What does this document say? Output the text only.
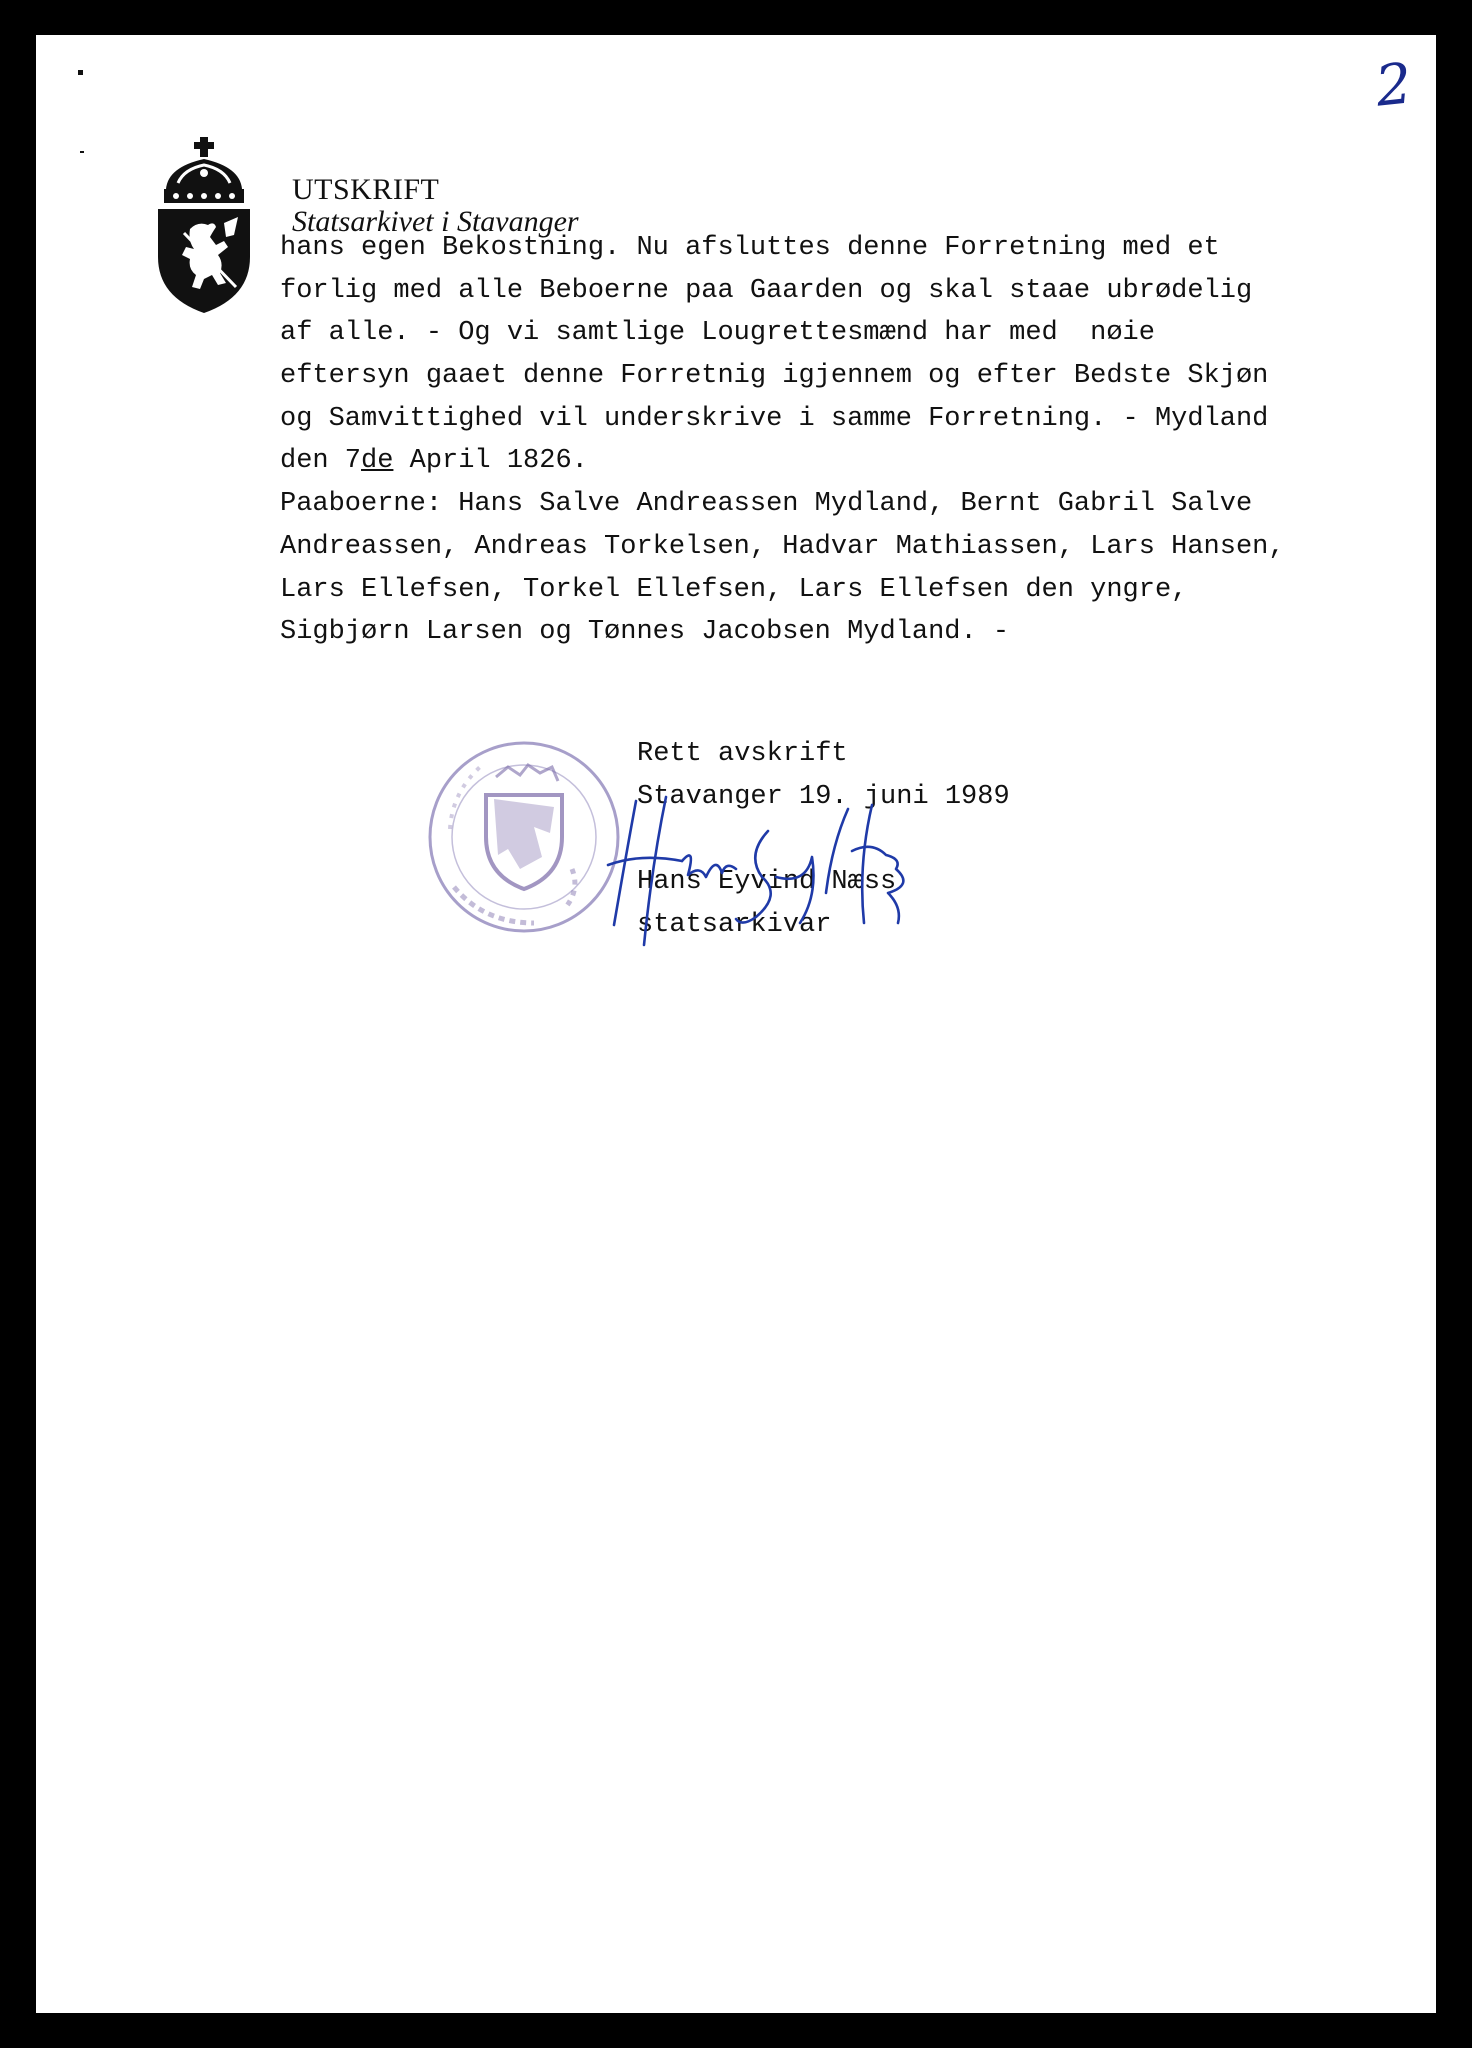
2
UTSKRIFT
Statsarkivet i Stavanger
hans egen Bekostning. Nu afsluttes denne Forretning med et
forlig med alle Beboerne paa Gaarden og skal staae ubrødelig
af alle. - Og vi samtlige Lougrettesmænd har med  nøie
eftersyn gaaet denne Forretnig igjennem og efter Bedste Skjøn
og Samvittighed vil underskrive i samme Forretning. - Mydland
den 7de April 1826.
Paaboerne: Hans Salve Andreassen Mydland, Bernt Gabril Salve
Andreassen, Andreas Torkelsen, Hadvar Mathiassen, Lars Hansen,
Lars Ellefsen, Torkel Ellefsen, Lars Ellefsen den yngre,
Sigbjørn Larsen og Tønnes Jacobsen Mydland. -
Rett avskrift
Stavanger 19. juni 1989
Hans Eyvind Næss
statsarkivar
